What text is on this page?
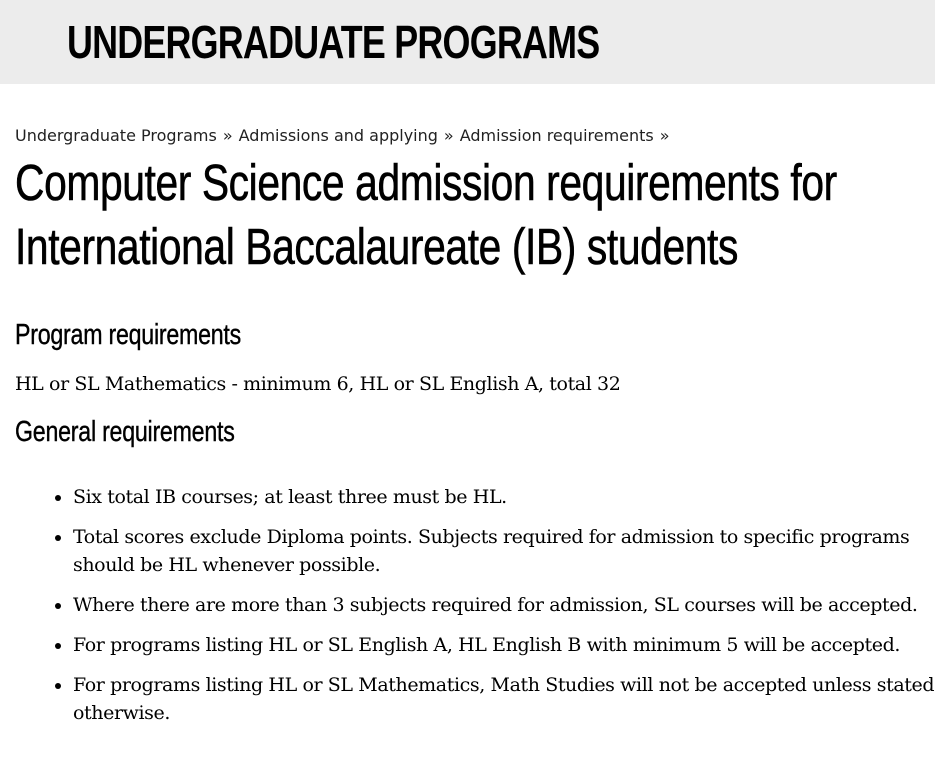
UNDERGRADUATE PROGRAMS
Undergraduate Programs » Admissions and applying » Admission requirements »
Computer Science admission requirements for International Baccalaureate (IB) students
Program requirements

HL or SL Mathematics - minimum 6, HL or SL English A, total 32

General requirements
• Six total IB courses; at least three must be HL.
• Total scores exclude Diploma points. Subjects required for admission to specific programs should be HL whenever possible.
• Where there are more than 3 subjects required for admission, SL courses will be accepted.
• For programs listing HL or SL English A, HL English B with minimum 5 will be accepted.
• For programs listing HL or SL Mathematics, Math Studies will not be accepted unless stated otherwise.
